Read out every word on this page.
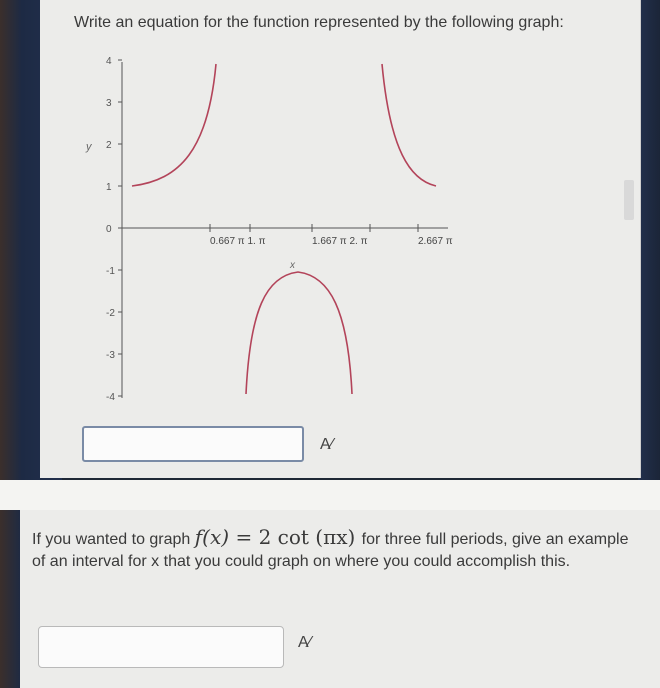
Write an equation for the function represented by the following graph:
4
3
2
1
0
-1
-2
-3
-4
0.667 π 1. π	1.667 π 2. π	2.667 π
y
x
A⁄
If you wanted to graph f(x) = 2 cot (πx) for three full periods, give an example of an interval for x that you could graph on where you could accomplish this.
A⁄
